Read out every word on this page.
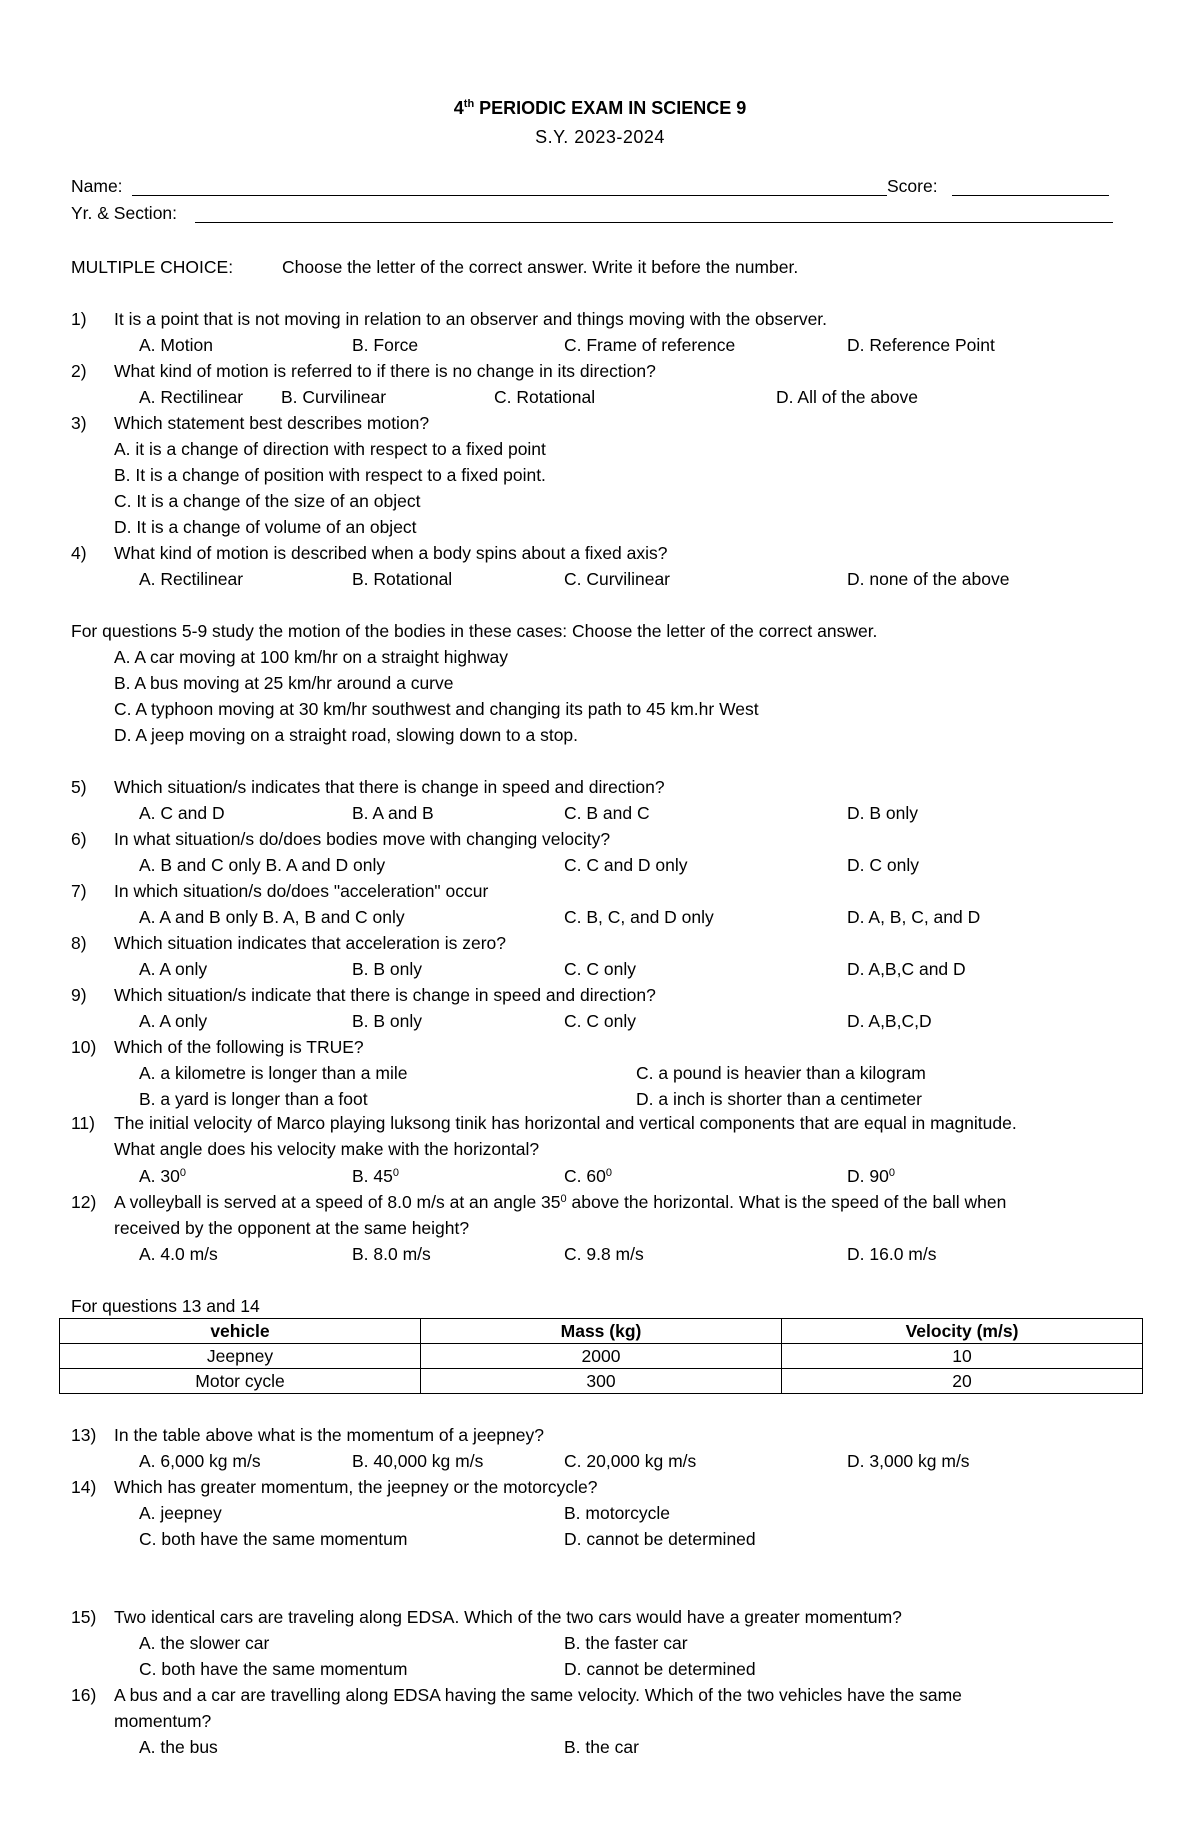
4th PERIODIC EXAM IN SCIENCE 9
S.Y. 2023-2024
Name:	Score:
Yr. & Section:
MULTIPLE CHOICE:	Choose the letter of the correct answer. Write it before the number.
1) It is a point that is not moving in relation to an observer and things moving with the observer.
A. Motion	B. Force	C. Frame of reference	D. Reference Point
2) What kind of motion is referred to if there is no change in its direction?
A. Rectilinear B. Curvilinear	C. Rotational	D. All of the above
3) Which statement best describes motion?
A. it is a change of direction with respect to a fixed point
B. It is a change of position with respect to a fixed point.
C. It is a change of the size of an object
D. It is a change of volume of an object
4) What kind of motion is described when a body spins about a fixed axis?
A. Rectilinear	B. Rotational	C. Curvilinear	D. none of the above
For questions 5-9 study the motion of the bodies in these cases: Choose the letter of the correct answer.
A. A car moving at 100 km/hr on a straight highway
B. A bus moving at 25 km/hr around a curve
C. A typhoon moving at 30 km/hr southwest and changing its path to 45 km.hr West
D. A jeep moving on a straight road, slowing down to a stop.
5) Which situation/s indicates that there is change in speed and direction?
A. C and D	B. A and B	C. B and C	D. B only
6) In what situation/s do/does bodies move with changing velocity?
A. B and C only B. A and D only	C. C and D only	D. C only
7) In which situation/s do/does "acceleration" occur
A. A and B only B. A, B and C only	C. B, C, and D only	D. A, B, C, and D
8) Which situation indicates that acceleration is zero?
A. A only	B. B only	C. C only	D. A,B,C and D
9) Which situation/s indicate that there is change in speed and direction?
A. A only	B. B only	C. C only	D. A,B,C,D
10) Which of the following is TRUE?
A. a kilometre is longer than a mile	C. a pound is heavier than a kilogram
B. a yard is longer than a foot	D. a inch is shorter than a centimeter
11) The initial velocity of Marco playing luksong tinik has horizontal and vertical components that are equal in magnitude.
What angle does his velocity make with the horizontal?
A. $30^0$	B. $45^0$	C. $60^0$	D. $90^0$
12) A volleyball is served at a speed of 8.0 m/s at an angle $35^0$ above the horizontal. What is the speed of the ball when
received by the opponent at the same height?
A. 4.0 m/s	B. 8.0 m/s	C. 9.8 m/s	D. 16.0 m/s
For questions 13 and 14
vehicle	Mass (kg)	Velocity (m/s)
Jeepney	2000	10
Motor cycle	300	20
13) In the table above what is the momentum of a jeepney?
A. 6,000 kg m/s	B. 40,000 kg m/s	C. 20,000 kg m/s	D. 3,000 kg m/s
14) Which has greater momentum, the jeepney or the motorcycle?
A. jeepney	B. motorcycle
C. both have the same momentum	D. cannot be determined
15) Two identical cars are traveling along EDSA. Which of the two cars would have a greater momentum?
A. the slower car	B. the faster car
C. both have the same momentum	D. cannot be determined
16) A bus and a car are travelling along EDSA having the same velocity. Which of the two vehicles have the same
momentum?
A. the bus	B. the car
